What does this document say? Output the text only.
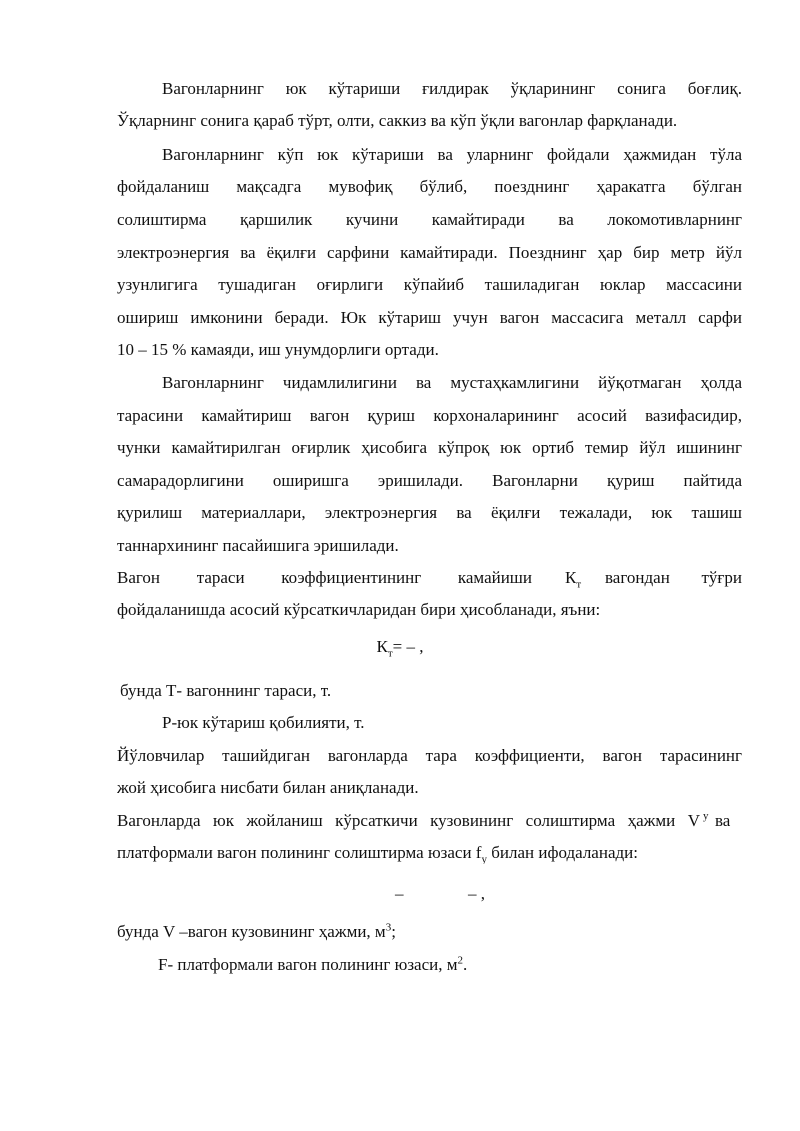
Вагонларнинг юк кўтариши ғилдирак ўқларининг сонига боғлиқ.
Ўқларнинг сонига қараб тўрт, олти, саккиз ва кўп ўқли вагонлар фарқланади.
Вагонларнинг кўп юк кўтариши ва уларнинг фойдали ҳажмидан тўла
фойдаланиш мақсадга мувофиқ бўлиб, поезднинг ҳаракатга бўлган
солиштирма қаршилик кучини камайтиради ва локомотивларнинг
электроэнергия ва ёқилғи сарфини камайтиради. Поезднинг ҳар бир метр йўл
узунлигига тушадиган оғирлиги кўпайиб ташиладиган юклар массасини
ошириш имконини беради. Юк кўтариш учун вагон массасига металл сарфи
10 – 15 % камаяди, иш унумдорлиги ортади.
Вагонларнинг чидамлилигини ва мустаҳкамлигини йўқотмаган ҳолда
тарасини камайтириш вагон қуриш корхоналарининг асосий вазифасидир,
чунки камайтирилган оғирлик ҳисобига кўпроқ юк ортиб темир йўл ишининг
самарадорлигини оширишга эришилади. Вагонларни қуриш пайтида
қурилиш материаллари, электроэнергия ва ёқилғи тежалади, юк ташиш
таннархининг пасайишига эришилади.
Вагон тараси коэффициентининг камайиши $К_т$ вагондан тўғри
фойдаланишда асосий кўрсаткичларидан бири ҳисобланади, яъни:
$К_т=$ – ,
бунда Т- вагоннинг тараси, т.
Р-юк кўтариш қобилияти, т.
Йўловчилар ташийдиган вагонларда тара коэффициенти, вагон тарасининг
жой ҳисобига нисбати билан аниқланади.
Вагонларда юк жойланиш кўрсаткичи кузовининг солиштирма ҳажми V у ва
платформали вагон полининг солиштирма юзаси $f_у$ билан ифодаланади:
–	– ,
бунда V –вагон кузовининг ҳажми, $м^3$;
F- платформали вагон полининг юзаси, $м^2$.
